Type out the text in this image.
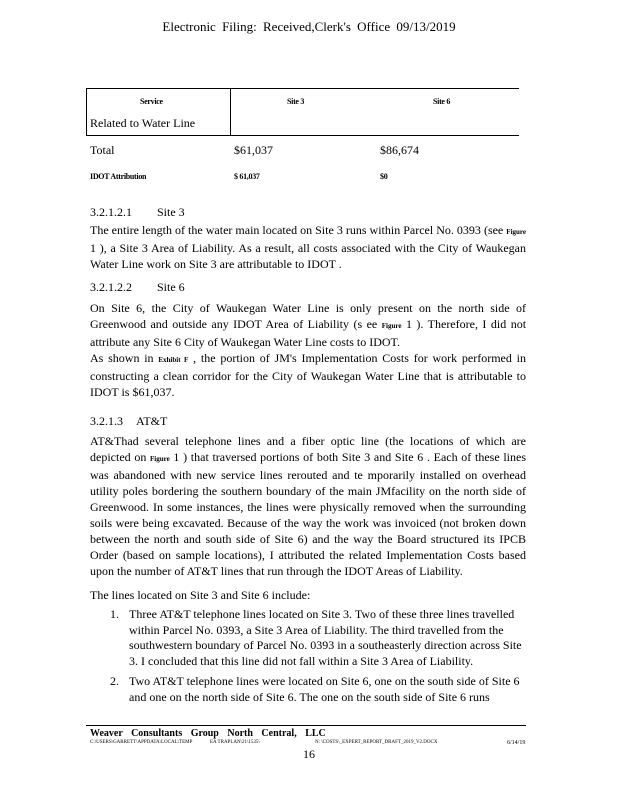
Electronic Filing: Received,Clerk's Office 09/13/2019
Service	Site 3	Site 6
Related to Water Line
Total	$61,037	$86,674
IDOT Attribution	$ 61,037	$0
3.2.1.2.1 Site 3
The entire length of the water main located on Site 3 runs within Parcel No. 0393 (see Figure 1 ), a Site 3 Area of Liability. As a result, all costs associated with the City of Waukegan Water Line work on Site 3 are attributable to IDOT .
3.2.1.2.2 Site 6
On Site 6, the City of Waukegan Water Line is only present on the north side of Greenwood and outside any IDOT Area of Liability (s ee Figure 1 ). Therefore, I did not attribute any Site 6 City of Waukegan Water Line costs to IDOT.
As shown in Exhibit F , the portion of JM's Implementation Costs for work performed in constructing a clean corridor for the City of Waukegan Water Line that is attributable to IDOT is $61,037.
3.2.1.3 AT&T
AT&Thad several telephone lines and a fiber optic line (the locations of which are depicted on Figure 1 ) that traversed portions of both Site 3 and Site 6 . Each of these lines was abandoned with new service lines rerouted and te mporarily installed on overhead utility poles bordering the southern boundary of the main JMfacility on the north side of Greenwood. In some instances, the lines were physically removed when the surrounding soils were being excavated. Because of the way the work was invoiced (not broken down between the north and south side of Site 6) and the way the Board structured its IPCB Order (based on sample locations), I attributed the related Implementation Costs based upon the number of AT&T lines that run through the IDOT Areas of Liability.
The lines located on Site 3 and Site 6 include:
1. Three AT&T telephone lines located on Site 3. Two of these three lines travelled within Parcel No. 0393, a Site 3 Area of Liability. The third travelled from the southwestern boundary of Parcel No. 0393 in a southeasterly direction across Site 3. I concluded that this line did not fall within a Site 3 Area of Liability.
2. Two AT&T telephone lines were located on Site 6, one on the south side of Site 6 and one on the north side of Site 6. The one on the south side of Site 6 runs
Weaver Consultants Group North Central, LLC
C:\USERS\GARRETT\APPDATA\LOCAL\TEMP	EA TRAPLAN\21\1535\	N: \COSTS\_EXPERT_REPORT_DRAFT_2019_V2.DOCX	6/14/19
16
